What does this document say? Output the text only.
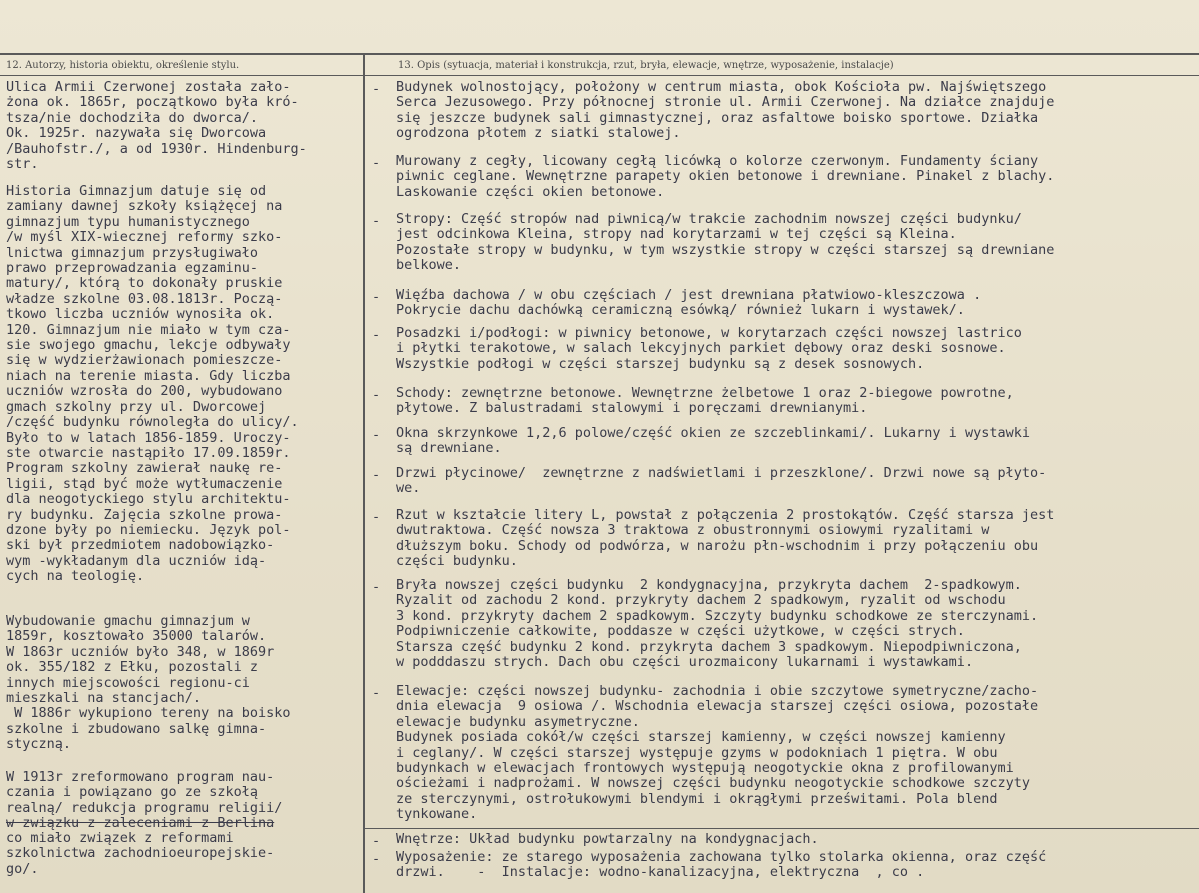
12. Autorzy, historia obiektu, określenie stylu.	13. Opis (sytuacja, materiał i konstrukcja, rzut, bryła, elewacje, wnętrze, wyposażenie, instalacje)
Ulica Armii Czerwonej została zało-
żona ok. 1865r, początkowo była kró-
tsza/nie dochodziła do dworca/.
Ok. 1925r. nazywała się Dworcowa
/Bauhofstr./, a od 1930r. Hindenburg-
str.
Historia Gimnazjum datuje się od
zamiany dawnej szkoły książęcej na
gimnazjum typu humanistycznego
/w myśl XIX-wiecznej reformy szko-
lnictwa gimnazjum przysługiwało
prawo przeprowadzania egzaminu-
matury/, którą to dokonały pruskie
władze szkolne 03.08.1813r. Począ-
tkowo liczba uczniów wynosiła ok.
120. Gimnazjum nie miało w tym cza-
sie swojego gmachu, lekcje odbywały
się w wydzierżawionach pomieszcze-
niach na terenie miasta. Gdy liczba
uczniów wzrosła do 200, wybudowano
gmach szkolny przy ul. Dworcowej
/część budynku równoległa do ulicy/.
Było to w latach 1856-1859. Uroczy-
ste otwarcie nastąpiło 17.09.1859r.
Program szkolny zawierał naukę re-
ligii, stąd być może wytłumaczenie
dla neogotyckiego stylu architektu-
ry budynku. Zajęcia szkolne prowa-
dzone były po niemiecku. Język pol-
ski był przedmiotem nadobowiązko-
wym -wykładanym dla uczniów idą-
cych na teologię.
Wybudowanie gmachu gimnazjum w
1859r, kosztowało 35000 talarów.
W 1863r uczniów było 348, w 1869r
ok. 355/182 z Ełku, pozostali z
innych miejscowości regionu-ci
mieszkali na stancjach/.
W 1886r wykupiono tereny na boisko
szkolne i zbudowano salkę gimna-
styczną.
W 1913r zreformowano program nau-
czania i powiązano go ze szkołą
realną/ redukcja programu religii/
w związku z zaleceniami z Berlina
co miało związek z reformami
szkolnictwa zachodnioeuropejskie-
go/.
- Budynek wolnostojący, położony w centrum miasta, obok Kościoła pw. Najświętszego
Serca Jezusowego. Przy północnej stronie ul. Armii Czerwonej. Na działce znajduje
się jeszcze budynek sali gimnastycznej, oraz asfaltowe boisko sportowe. Działka
ogrodzona płotem z siatki stalowej.
- Murowany z cegły, licowany cegłą licówką o kolorze czerwonym. Fundamenty ściany
piwnic ceglane. Wewnętrzne parapety okien betonowe i drewniane. Pinakel z blachy.
Laskowanie części okien betonowe.
- Stropy: Część stropów nad piwnicą/w trakcie zachodnim nowszej części budynku/
jest odcinkowa Kleina, stropy nad korytarzami w tej części są Kleina.
Pozostałe stropy w budynku, w tym wszystkie stropy w części starszej są drewniane
belkowe.
- Więźba dachowa / w obu częściach / jest drewniana płatwiowo-kleszczowa .
Pokrycie dachu dachówką ceramiczną esówką/ również lukarn i wystawek/.
- Posadzki i/podłogi: w piwnicy betonowe, w korytarzach części nowszej lastrico
i płytki terakotowe, w salach lekcyjnych parkiet dębowy oraz deski sosnowe.
Wszystkie podłogi w części starszej budynku są z desek sosnowych.
- Schody: zewnętrzne betonowe. Wewnętrzne żelbetowe 1 oraz 2-biegowe powrotne,
płytowe. Z balustradami stalowymi i poręczami drewnianymi.
- Okna skrzynkowe 1,2,6 polowe/część okien ze szczeblinkami/. Lukarny i wystawki
są drewniane.
- Drzwi płycinowe/  zewnętrzne z nadświetlami i przeszklone/. Drzwi nowe są płyto-
we.
- Rzut w kształcie litery L, powstał z połączenia 2 prostokątów. Część starsza jest
dwutraktowa. Część nowsza 3 traktowa z obustronnymi osiowymi ryzalitami w
dłuższym boku. Schody od podwórza, w narożu płn-wschodnim i przy połączeniu obu
części budynku.
- Bryła nowszej części budynku  2 kondygnacyjna, przykryta dachem  2-spadkowym.
Ryzalit od zachodu 2 kond. przykryty dachem 2 spadkowym, ryzalit od wschodu
3 kond. przykryty dachem 2 spadkowym. Szczyty budynku schodkowe ze sterczynami.
Podpiwniczenie całkowite, poddasze w części użytkowe, w części strych.
Starsza część budynku 2 kond. przykryta dachem 3 spadkowym. Niepodpiwniczona,
w podddaszu strych. Dach obu części urozmaicony lukarnami i wystawkami.
- Elewacje: części nowszej budynku- zachodnia i obie szczytowe symetryczne/zacho-
dnia elewacja  9 osiowa /. Wschodnia elewacja starszej części osiowa, pozostałe
elewacje budynku asymetryczne.
Budynek posiada cokół/w części starszej kamienny, w części nowszej kamienny
i ceglany/. W części starszej występuje gzyms w podokniach 1 piętra. W obu
budynkach w elewacjach frontowych występują neogotyckie okna z profilowanymi
ościeżami i nadprożami. W nowszej części budynku neogotyckie schodkowe szczyty
ze sterczynymi, ostrołukowymi blendymi i okrągłymi prześwitami. Pola blend
tynkowane.
- Wnętrze: Układ budynku powtarzalny na kondygnacjach.
- Wyposażenie: ze starego wyposażenia zachowana tylko stolarka okienna, oraz część
drzwi.    -  Instalacje: wodno-kanalizacyjna, elektryczna  , co .
